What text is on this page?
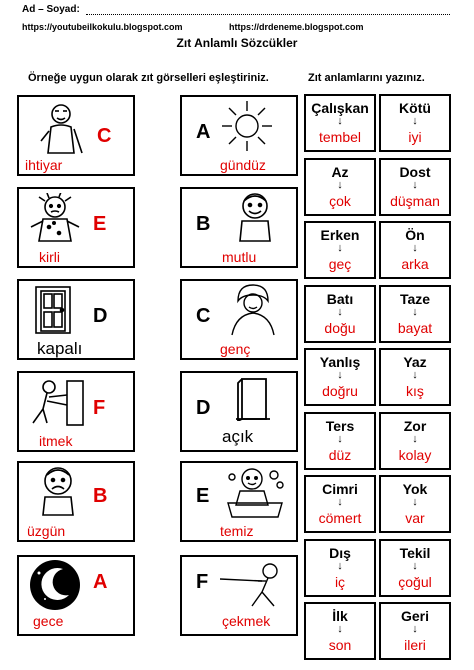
Ad – Soyad:
https://youtubeilkokulu.blogspot.com	https://drdeneme.blogspot.com
Zıt Anlamlı Sözcükler
Örneğe uygun olarak zıt görselleri eşleştiriniz.	Zıt anlamlarını yazınız.
C
ihtiyar
E
kirli
D
kapalı
F
itmek
B
üzgün
A
gece
A
gündüz
B
mutlu
C
genç
D
açık
E
temiz
F
çekmek
Çalışkan
↓
tembel
Kötü
↓
iyi
Az
↓
çok
Dost
↓
düşman
Erken
↓
geç
Ön
↓
arka
Batı
↓
doğu
Taze
↓
bayat
Yanlış
↓
doğru
Yaz
↓
kış
Ters
↓
düz
Zor
↓
kolay
Cimri
↓
cömert
Yok
↓
var
Dış
↓
iç
Tekil
↓
çoğul
İlk
↓
son
Geri
↓
ileri
